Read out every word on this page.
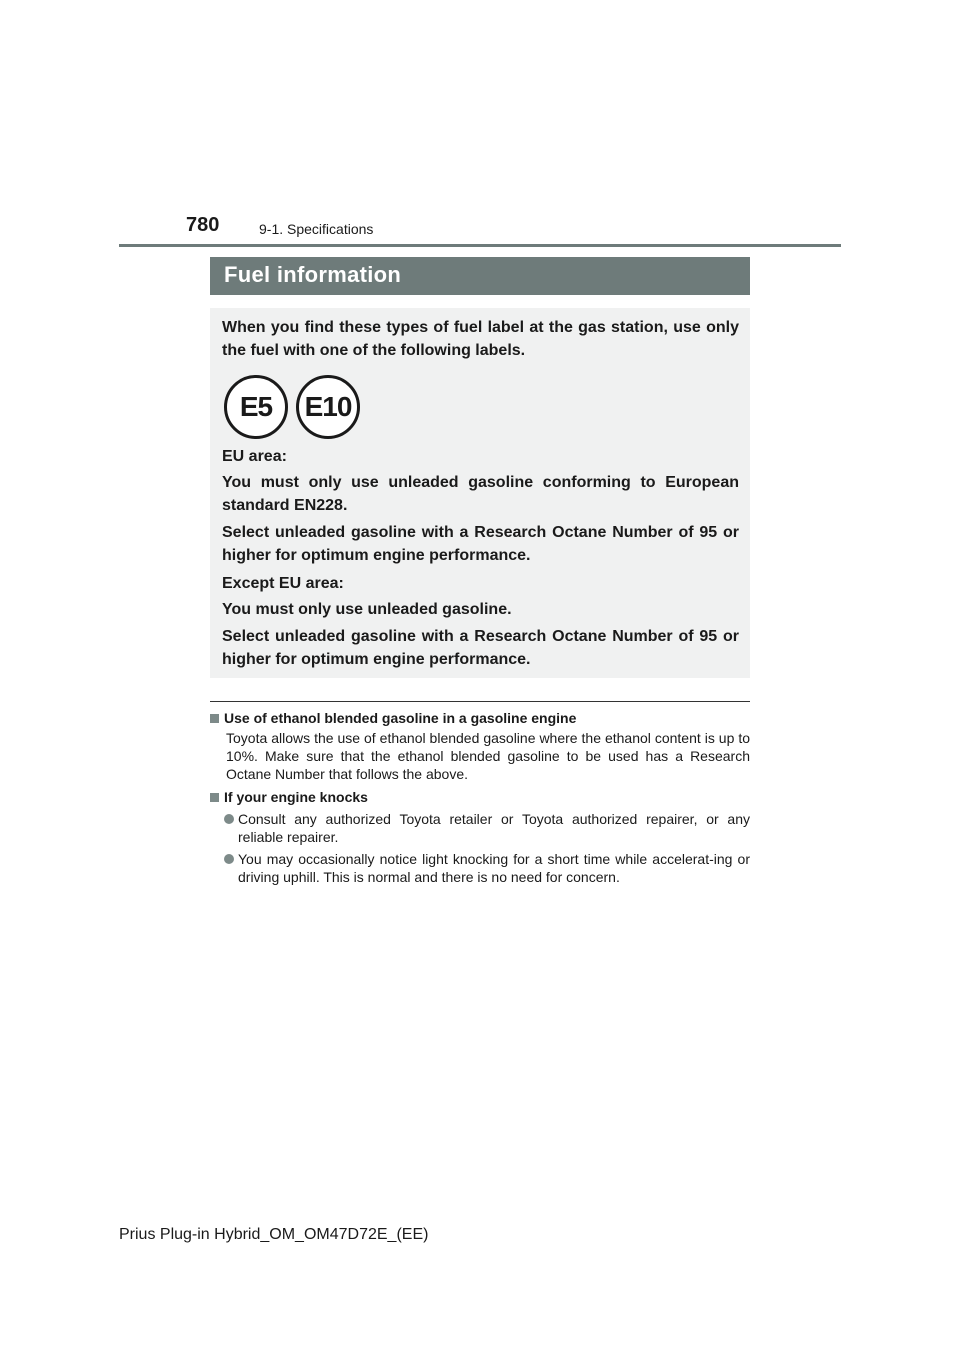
780	9-1. Specifications
Fuel information

When you find these types of fuel label at the gas station, use only the fuel with one of the following labels.

E5	E10

EU area:

You must only use unleaded gasoline conforming to European standard EN228.

Select unleaded gasoline with a Research Octane Number of 95 or higher for optimum engine performance.

Except EU area:

You must only use unleaded gasoline.

Select unleaded gasoline with a Research Octane Number of 95 or higher for optimum engine performance.

Use of ethanol blended gasoline in a gasoline engine
Toyota allows the use of ethanol blended gasoline where the ethanol content is up to 10%. Make sure that the ethanol blended gasoline to be used has a Research Octane Number that follows the above.
If your engine knocks
Consult any authorized Toyota retailer or Toyota authorized repairer, or any reliable repairer.
You may occasionally notice light knocking for a short time while accelerat-ing or driving uphill. This is normal and there is no need for concern.
Prius Plug-in Hybrid_OM_OM47D72E_(EE)
